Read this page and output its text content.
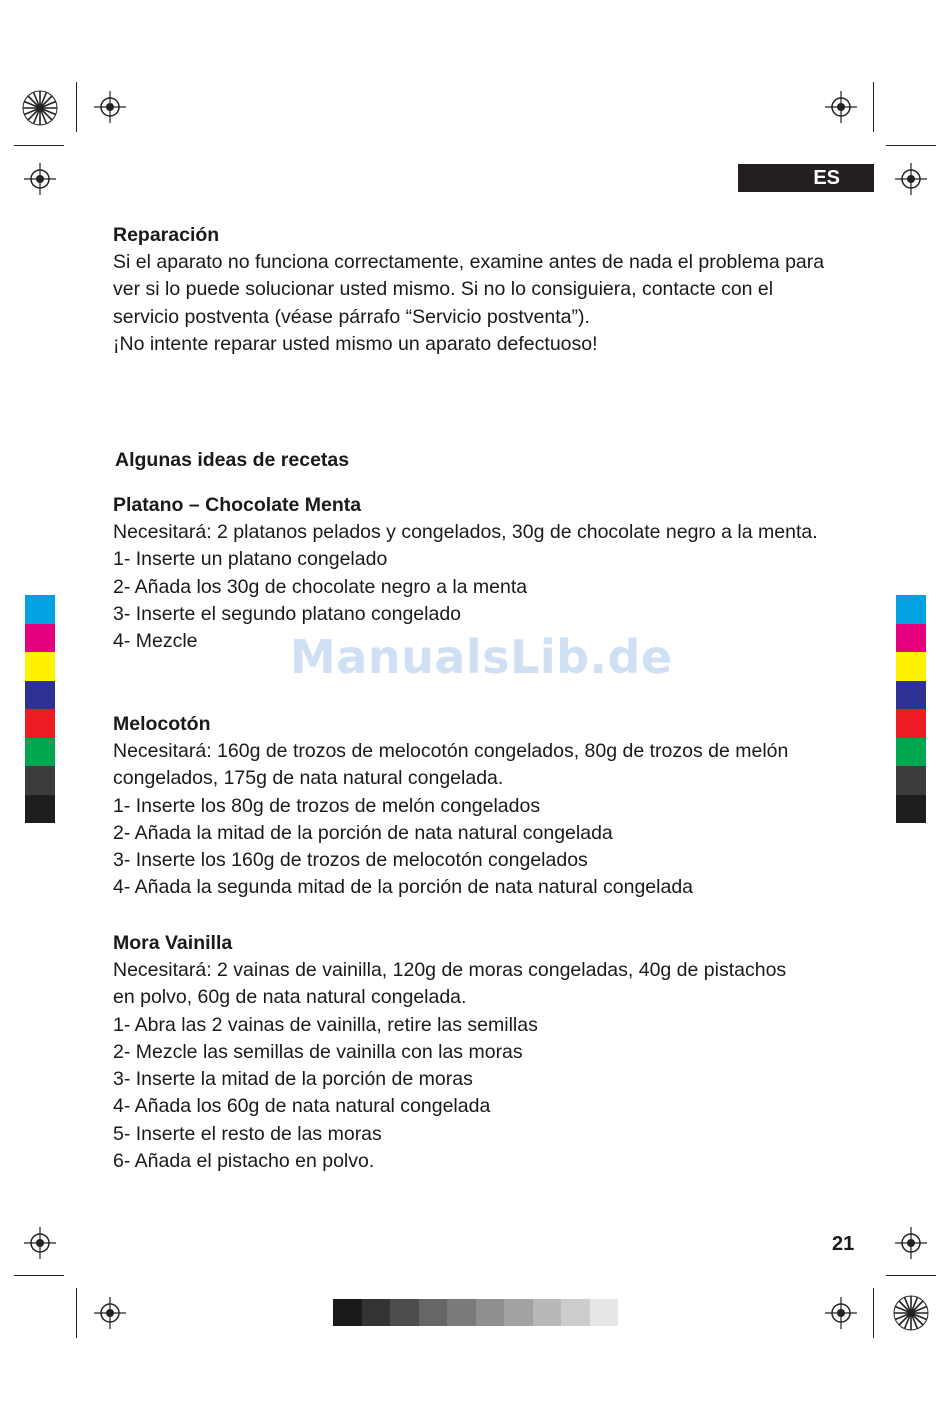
ES

Reparación

Si el aparato no funciona correctamente, examine antes de nada el problema para

ver si lo puede solucionar usted mismo. Si no lo consiguiera, contacte con el

servicio postventa (véase párrafo “Servicio postventa”).

¡No intente reparar usted mismo un aparato defectuoso!

Algunas ideas de recetas

Platano – Chocolate Menta

Necesitará: 2 platanos pelados y congelados, 30g de chocolate negro a la menta.

1- Inserte un platano congelado

2- Añada los 30g de chocolate negro a la menta

3- Inserte el segundo platano congelado

4- Mezcle

Melocotón

Necesitará: 160g de trozos de melocotón congelados, 80g de trozos de melón

congelados, 175g de nata natural congelada.

1- Inserte los 80g de trozos de melón congelados

2- Añada la mitad de la porción de nata natural congelada

3- Inserte los 160g de trozos de melocotón congelados

4- Añada la segunda mitad de la porción de nata natural congelada

Mora Vainilla

Necesitará: 2 vainas de vainilla, 120g de moras congeladas, 40g de pistachos

en polvo, 60g de nata natural congelada.

1- Abra las 2 vainas de vainilla, retire las semillas

2- Mezcle las semillas de vainilla con las moras

3- Inserte la mitad de la porción de moras

4- Añada los 60g de nata natural congelada

5- Inserte el resto de las moras

6- Añada el pistacho en polvo.

ManualsLib.de
21
